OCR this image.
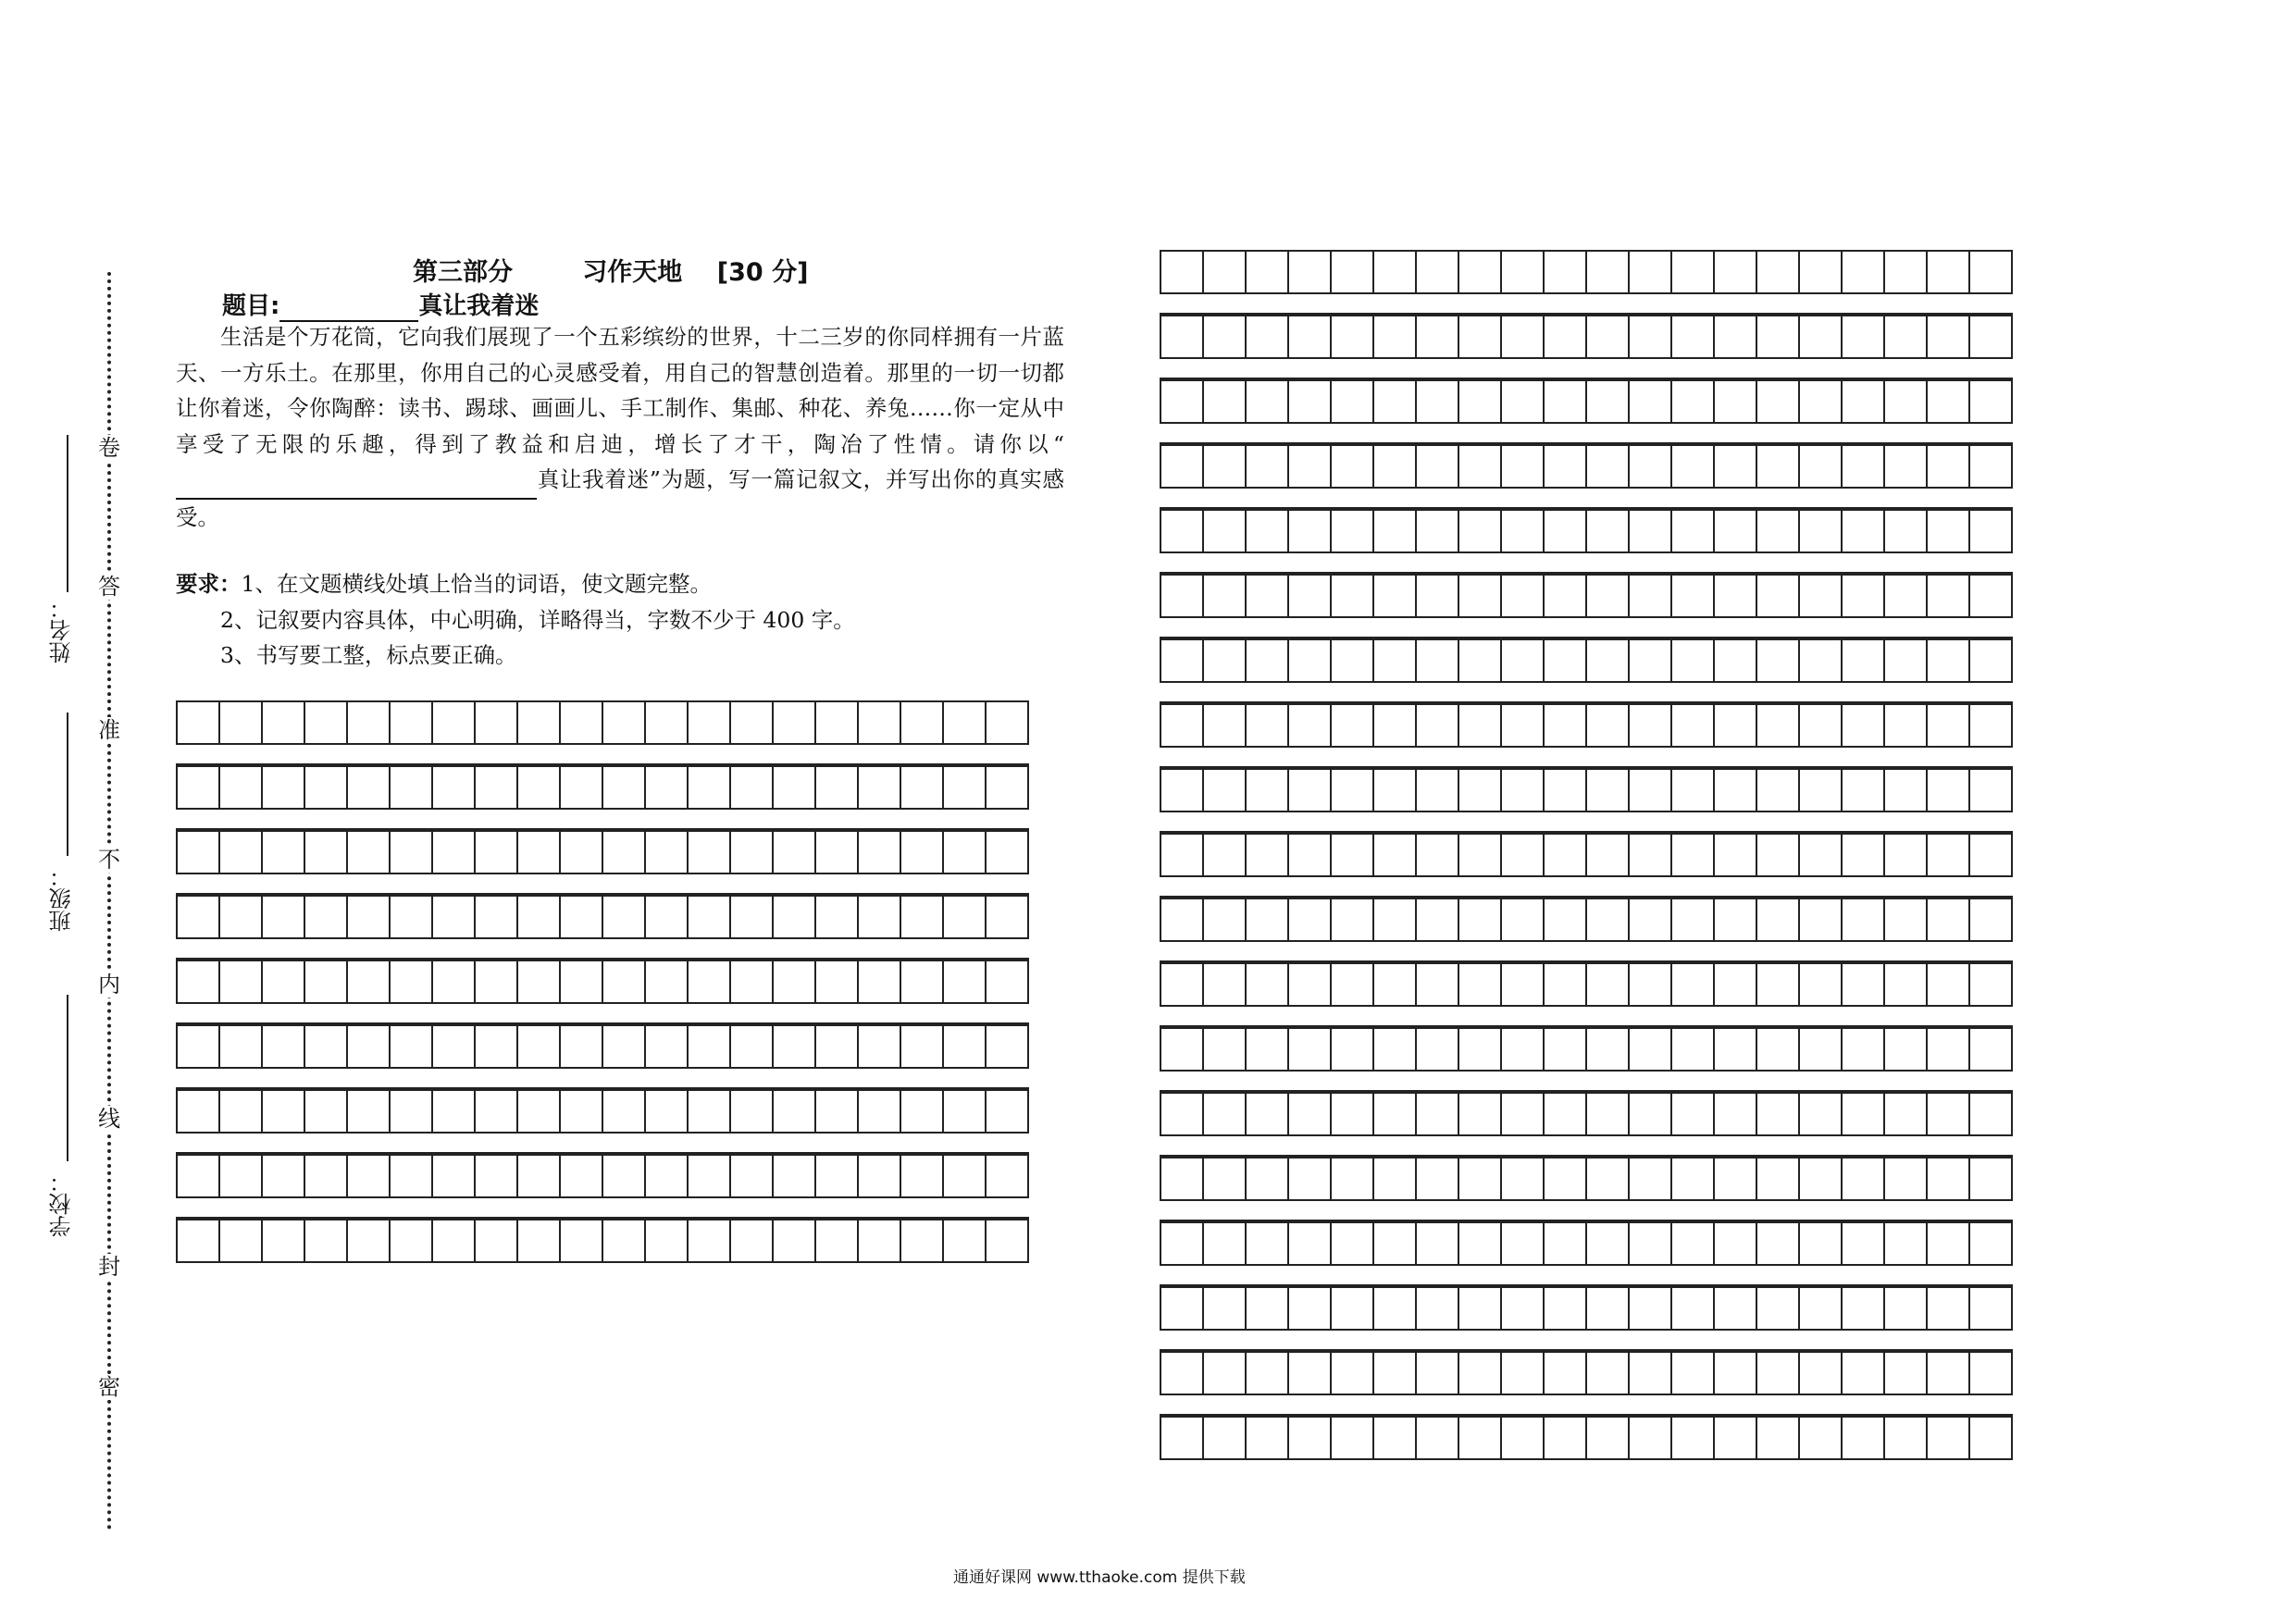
卷
答
准
不
内
线
封
密
姓名：
班级：
学校：
第三部分        习作天地    [30 分]
题目:	真让我着迷
生活是个万花筒，它向我们展现了一个五彩缤纷的世界，十二三岁的你同样拥有一片蓝天、一方乐土。在那里，你用自己的心灵感受着，用自己的智慧创造着。那里的一切一切都让你着迷，令你陶醉：读书、踢球、画画儿、手工制作、集邮、种花、养兔……你一定从中享受了无限的乐趣，得到了教益和启迪，增长了才干，陶冶了性情。请你以“真让我着迷”为题，写一篇记叙文，并写出你的真实感受。
要求：1、在文题横线处填上恰当的词语，使文题完整。
2、记叙要内容具体，中心明确，详略得当，字数不少于 400 字。
3、书写要工整，标点要正确。
通通好课网 www.tthaoke.com 提供下载
